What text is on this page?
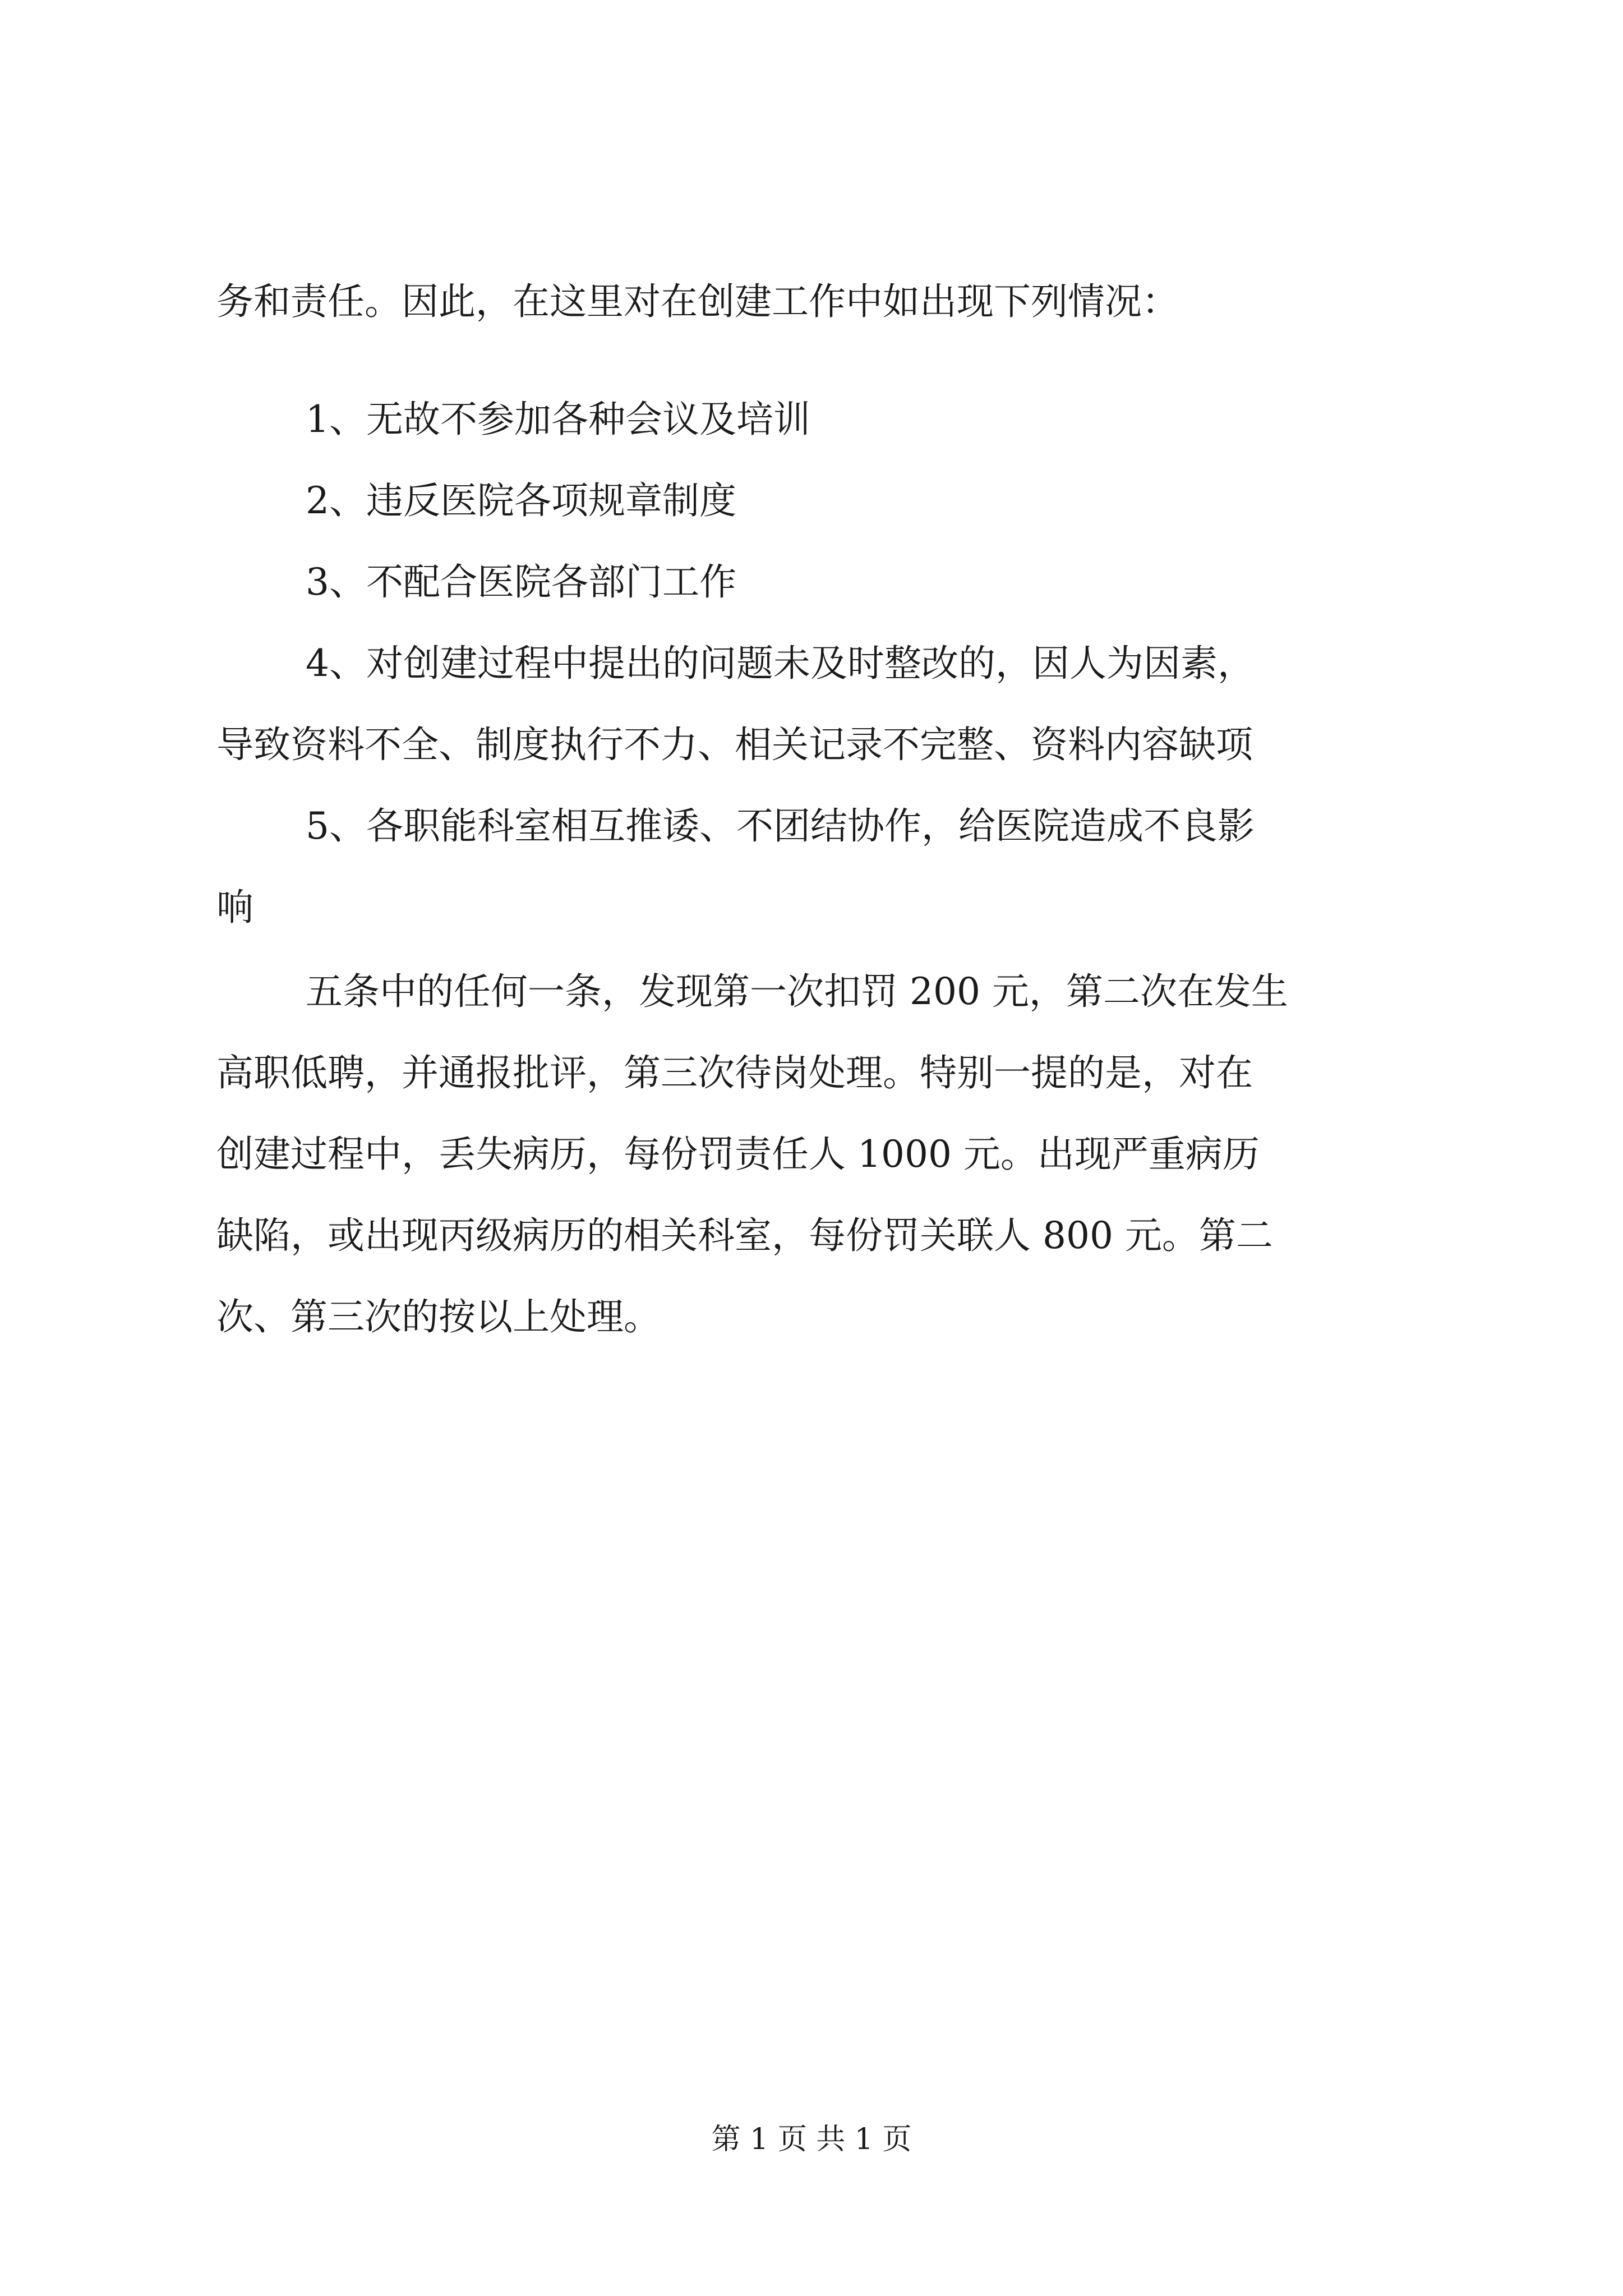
务和责任。因此，在这里对在创建工作中如出现下列情况：

1、无故不参加各种会议及培训

2、违反医院各项规章制度

3、不配合医院各部门工作

4、对创建过程中提出的问题未及时整改的，因人为因素，

导致资料不全、制度执行不力、相关记录不完整、资料内容缺项

5、各职能科室相互推诿、不团结协作，给医院造成不良影

响

五条中的任何一条，发现第一次扣罚 200 元，第二次在发生

高职低聘，并通报批评，第三次待岗处理。特别一提的是，对在

创建过程中，丢失病历，每份罚责任人 1000 元。出现严重病历

缺陷，或出现丙级病历的相关科室，每份罚关联人 800 元。第二

次、第三次的按以上处理。

第 1 页 共 1 页
